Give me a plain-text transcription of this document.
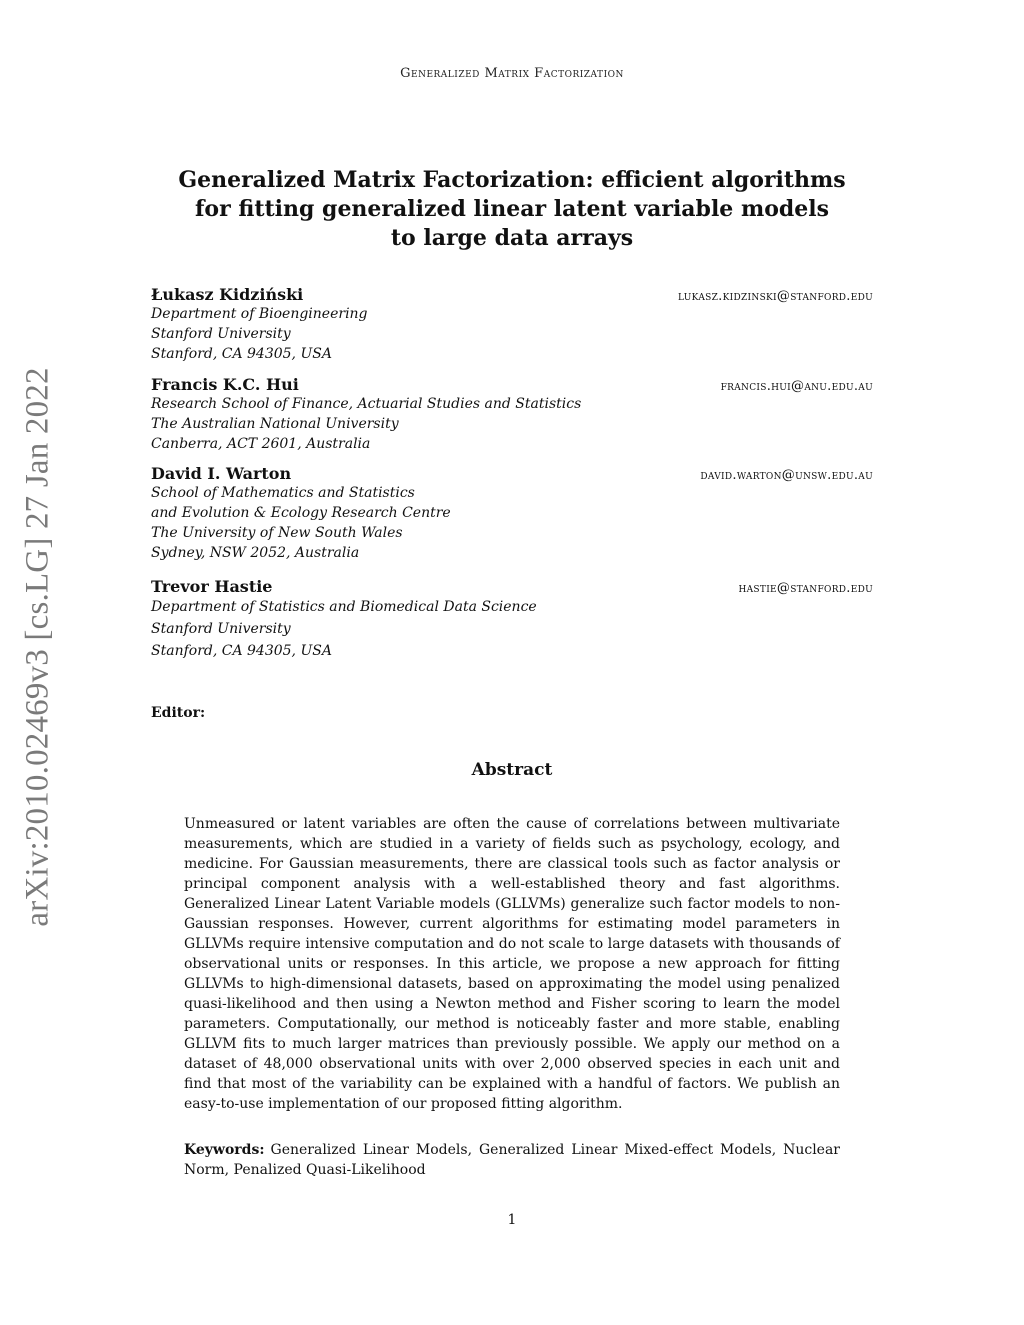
Generalized Matrix Factorization
arXiv:2010.02469v3 [cs.LG] 27 Jan 2022
Generalized Matrix Factorization: efficient algorithms
for fitting generalized linear latent variable models
to large data arrays
Łukasz Kidziński	lukasz.kidzinski@stanford.edu
Department of Bioengineering
Stanford University
Stanford, CA 94305, USA
Francis K.C. Hui	francis.hui@anu.edu.au
Research School of Finance, Actuarial Studies and Statistics
The Australian National University
Canberra, ACT 2601, Australia
David I. Warton	david.warton@unsw.edu.au
School of Mathematics and Statistics
and Evolution & Ecology Research Centre
The University of New South Wales
Sydney, NSW 2052, Australia
Trevor Hastie	hastie@stanford.edu
Department of Statistics and Biomedical Data Science
Stanford University
Stanford, CA 94305, USA
Editor:
Abstract

Unmeasured or latent variables are often the cause of correlations between multivariate measurements, which are studied in a variety of fields such as psychology, ecology, and medicine. For Gaussian measurements, there are classical tools such as factor analysis or principal component analysis with a well-established theory and fast algorithms. Generalized Linear Latent Variable models (GLLVMs) generalize such factor models to non-Gaussian responses. However, current algorithms for estimating model parameters in GLLVMs require intensive computation and do not scale to large datasets with thousands of observational units or responses. In this article, we propose a new approach for fitting GLLVMs to high-dimensional datasets, based on approximating the model using penalized quasi-likelihood and then using a Newton method and Fisher scoring to learn the model parameters. Computationally, our method is noticeably faster and more stable, enabling GLLVM fits to much larger matrices than previously possible. We apply our method on a dataset of 48,000 observational units with over 2,000 observed species in each unit and find that most of the variability can be explained with a handful of factors. We publish an easy-to-use implementation of our proposed fitting algorithm.

Keywords: Generalized Linear Models, Generalized Linear Mixed-effect Models, Nuclear Norm, Penalized Quasi-Likelihood

1
